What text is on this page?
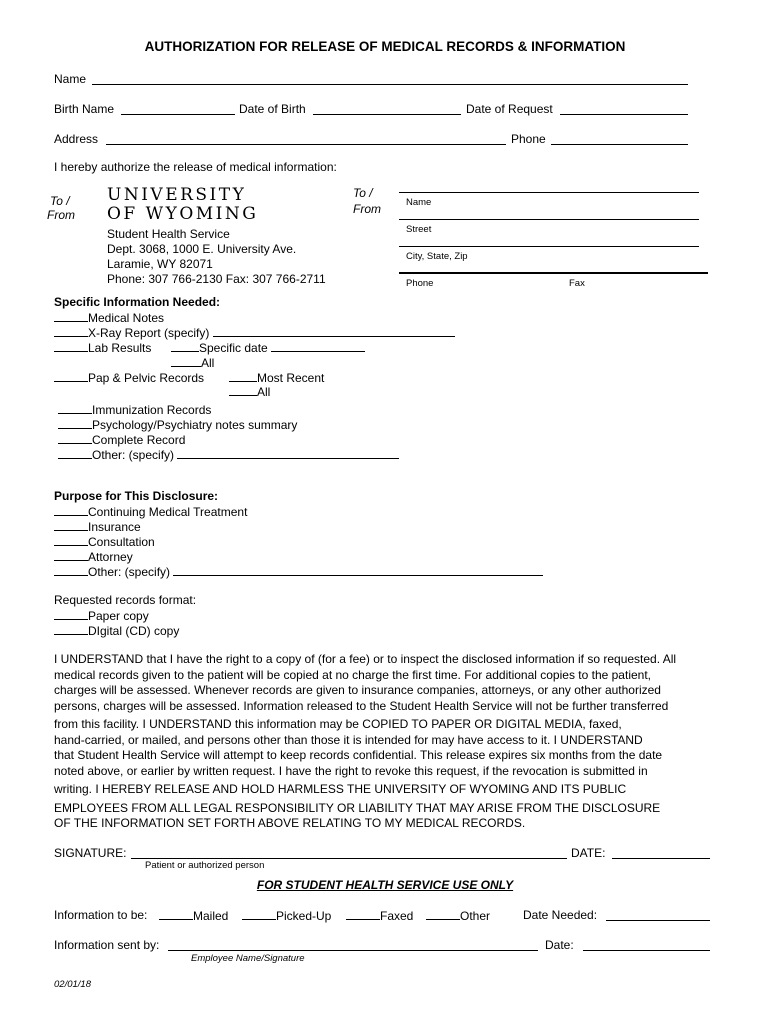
AUTHORIZATION FOR RELEASE OF MEDICAL RECORDS & INFORMATION
Name
Birth Name	Date of Birth	Date of Request
Address	Phone
I hereby authorize the release of medical information:
To /
From
UNIVERSITY
OF WYOMING
Student Health Service
Dept. 3068, 1000 E. University Ave.
Laramie, WY 82071
Phone: 307 766-2130 Fax: 307 766-2711
To /
From	Name
Street
City, State, Zip
Phone	Fax
Specific Information Needed:
Medical Notes
X-Ray Report (specify)
Lab Results	Specific date
All
Pap & Pelvic Records	Most Recent
All
Immunization Records
Psychology/Psychiatry notes summary
Complete Record
Other: (specify)
Purpose for This Disclosure:
Continuing Medical Treatment
Insurance
Consultation
Attorney
Other: (specify)
Requested records format:
Paper copy
DIgital (CD) copy

I UNDERSTAND that I have the right to a copy of (for a fee) or to inspect the disclosed information if so requested. All

medical records given to the patient will be copied at no charge the first time. For additional copies to the patient,

charges will be assessed. Whenever records are given to insurance companies, attorneys, or any other authorized

persons, charges will be assessed. Information released to the Student Health Service will not be further transferred

from this facility. I UNDERSTAND this information may be COPIED TO PAPER OR DIGITAL MEDIA, faxed,

hand-carried, or mailed, and persons other than those it is intended for may have access to it. I UNDERSTAND

that Student Health Service will attempt to keep records confidential. This release expires six months from the date

noted above, or earlier by written request. I have the right to revoke this request, if the revocation is submitted in

writing. I HEREBY RELEASE AND HOLD HARMLESS THE UNIVERSITY OF WYOMING AND ITS PUBLIC

EMPLOYEES FROM ALL LEGAL RESPONSIBILITY OR LIABILITY THAT MAY ARISE FROM THE DISCLOSURE

OF THE INFORMATION SET FORTH ABOVE RELATING TO MY MEDICAL RECORDS.

SIGNATURE:	DATE:
Patient or authorized person
FOR STUDENT HEALTH SERVICE USE ONLY
Information to be:	Mailed	Picked-Up	Faxed	Other	Date Needed:
Information sent by:	Date:
Employee Name/Signature
02/01/18
